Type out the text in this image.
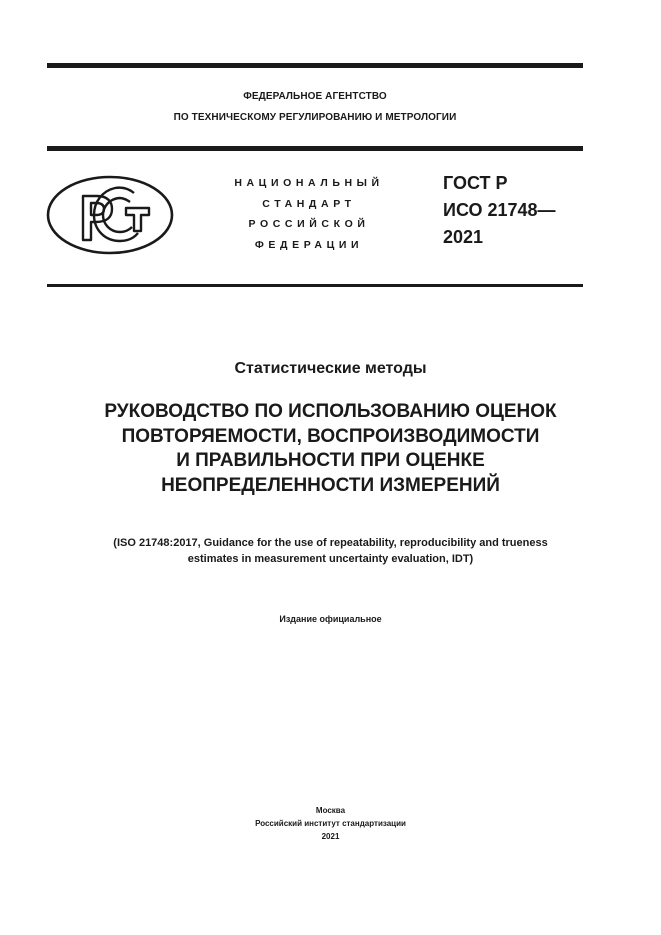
ФЕДЕРАЛЬНОЕ АГЕНТСТВО
ПО ТЕХНИЧЕСКОМУ РЕГУЛИРОВАНИЮ И МЕТРОЛОГИИ
НАЦИОНАЛЬНЫЙ
СТАНДАРТ
РОССИЙСКОЙ
ФЕДЕРАЦИИ
ГОСТ Р
ИСО 21748—
2021
Статистические методы
РУКОВОДСТВО ПО ИСПОЛЬЗОВАНИЮ ОЦЕНОК
ПОВТОРЯЕМОСТИ, ВОСПРОИЗВОДИМОСТИ
И ПРАВИЛЬНОСТИ ПРИ ОЦЕНКЕ
НЕОПРЕДЕЛЕННОСТИ ИЗМЕРЕНИЙ
(ISO 21748:2017, Guidance for the use of repeatability, reproducibility and trueness
estimates in measurement uncertainty evaluation, IDT)
Издание официальное
Москва
Российский институт стандартизации
2021
